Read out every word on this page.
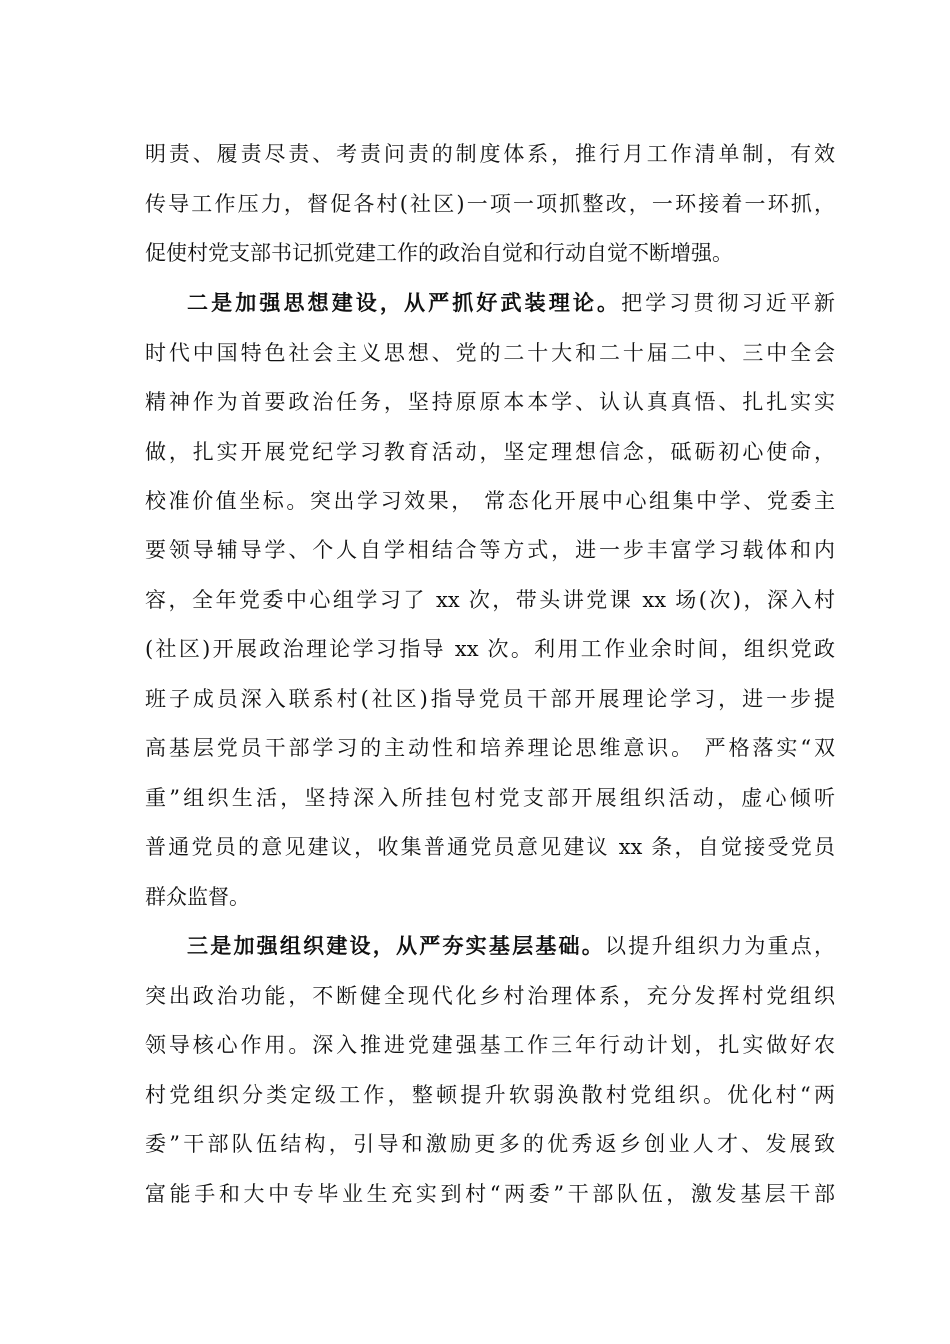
明责、履责尽责、考责问责的制度体系，推行月工作清单制，有效
传导工作压力，督促各村(社区)一项一项抓整改，一环接着一环抓，
促使村党支部书记抓党建工作的政治自觉和行动自觉不断增强。
二是加强思想建设，从严抓好武装理论。把学习贯彻习近平新
时代中国特色社会主义思想、党的二十大和二十届二中、三中全会
精神作为首要政治任务，坚持原原本本学、认认真真悟、扎扎实实
做，扎实开展党纪学习教育活动，坚定理想信念，砥砺初心使命，
校准价值坐标。突出学习效果， 常态化开展中心组集中学、党委主
要领导辅导学、个人自学相结合等方式，进一步丰富学习载体和内
容，全年党委中心组学习了 xx 次，带头讲党课 xx 场(次)，深入村
(社区)开展政治理论学习指导 xx 次。利用工作业余时间，组织党政
班子成员深入联系村(社区)指导党员干部开展理论学习，进一步提
高基层党员干部学习的主动性和培养理论思维意识。 严格落实“双
重”组织生活，坚持深入所挂包村党支部开展组织活动，虚心倾听
普通党员的意见建议，收集普通党员意见建议 xx 条，自觉接受党员
群众监督。
三是加强组织建设，从严夯实基层基础。以提升组织力为重点，
突出政治功能，不断健全现代化乡村治理体系，充分发挥村党组织
领导核心作用。深入推进党建强基工作三年行动计划，扎实做好农
村党组织分类定级工作，整顿提升软弱涣散村党组织。优化村“两
委”干部队伍结构，引导和激励更多的优秀返乡创业人才、发展致
富能手和大中专毕业生充实到村“两委”干部队伍，激发基层干部
